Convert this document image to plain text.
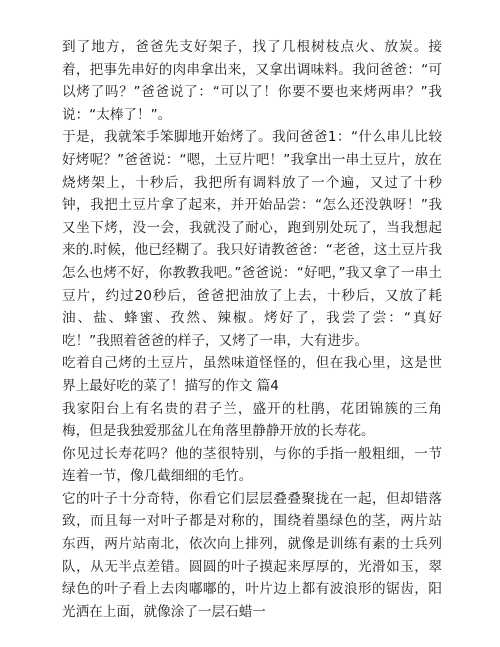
到了地方，爸爸先支好架子，找了几根树枝点火、放炭。接着，把事先串好的肉串拿出来，又拿出调味料。我问爸爸：“可以烤了吗？”爸爸说了：“可以了！你要不要也来烤两串？”我说：“太棒了！”。

于是，我就笨手笨脚地开始烤了。我问爸爸1：“什么串儿比较好烤呢？”爸爸说：“嗯，土豆片吧！”我拿出一串土豆片，放在烧烤架上，十秒后，我把所有调料放了一个遍，又过了十秒钟，我把土豆片拿了起来，并开始品尝：“怎么还没孰呀！”我又坐下烤，没一会，我就没了耐心，跑到别处玩了，当我想起来的.时候，他已经糊了。我只好请教爸爸：“老爸，这土豆片我怎么也烤不好，你教教我吧。”爸爸说：“好吧，”我又拿了一串土豆片，约过20秒后，爸爸把油放了上去，十秒后，又放了耗油、盐、蜂蜜、孜然、辣椒。烤好了，我尝了尝：“真好吃！”我照着爸爸的样子，又烤了一串，大有进步。

吃着自己烤的土豆片，虽然味道怪怪的，但在我心里，这是世界上最好吃的菜了！描写的作文 篇4

我家阳台上有名贵的君子兰，盛开的杜鹃，花团锦簇的三角梅，但是我独爱那盆儿在角落里静静开放的长寿花。

你见过长寿花吗？他的茎很特别，与你的手指一般粗细，一节连着一节，像几截细细的毛竹。

它的叶子十分奇特，你看它们层层叠叠聚拢在一起，但却错落致，而且每一对叶子都是对称的，围绕着墨绿色的茎，两片站东西，两片站南北，依次向上排列，就像是训练有素的士兵列队，从无半点差错。圆圆的叶子摸起来厚厚的，光滑如玉，翠绿色的叶子看上去肉嘟嘟的，叶片边上都有波浪形的锯齿，阳光洒在上面，就像涂了一层石蜡一
